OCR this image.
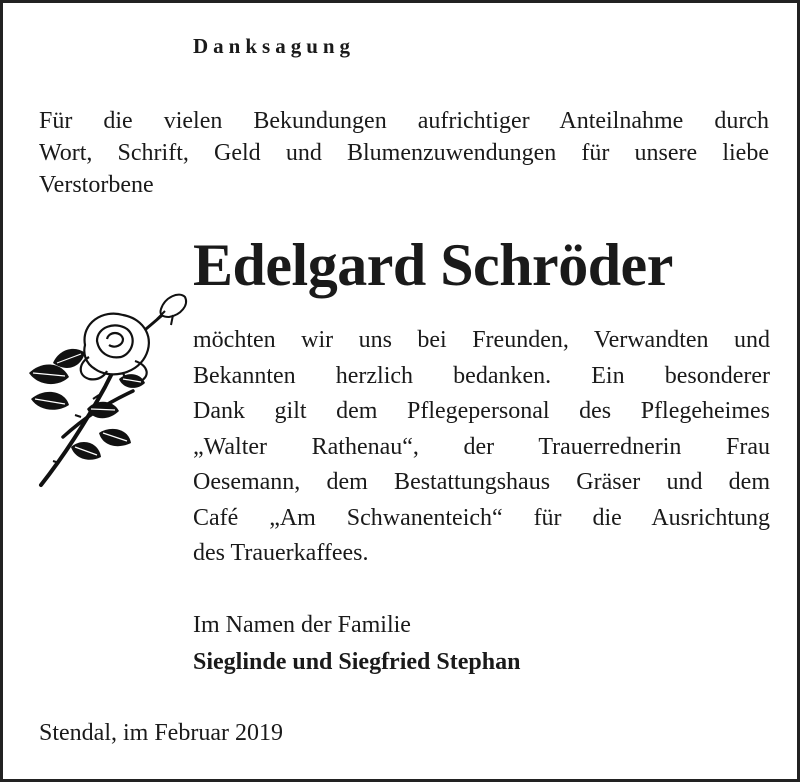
Danksagung
Für die vielen Bekundungen aufrichtiger Anteilnahme durch
Wort, Schrift, Geld und Blumenzuwendungen für unsere liebe
Verstorbene
Edelgard Schröder
möchten wir uns bei Freunden, Verwandten und
Bekannten herzlich bedanken. Ein besonderer
Dank gilt dem Pflegepersonal des Pflegeheimes
„Walter Rathenau“, der Trauerrednerin Frau
Oesemann, dem Bestattungshaus Gräser und dem
Café „Am Schwanenteich“ für die Ausrichtung
des Trauerkaffees.
Im Namen der Familie
Sieglinde und Siegfried Stephan
Stendal, im Februar 2019
